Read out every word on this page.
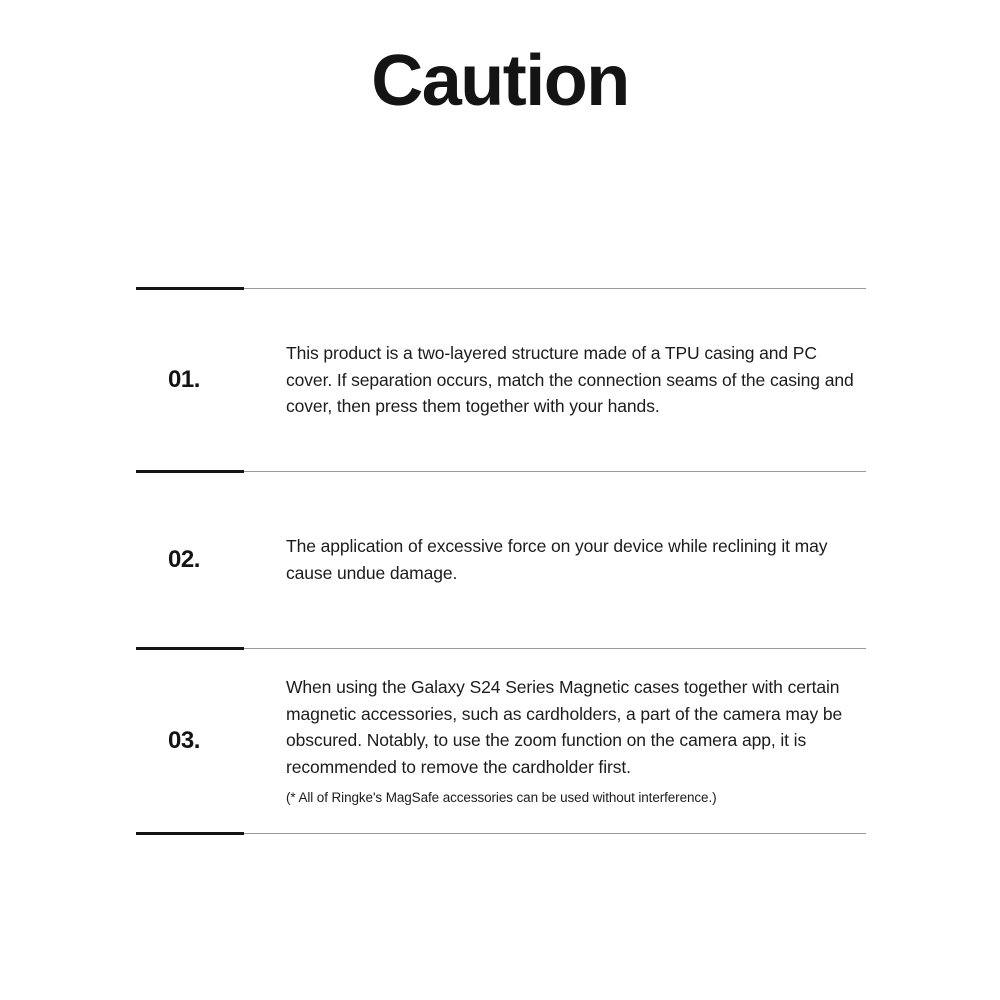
Caution
01.
This product is a two-layered structure made of a TPU casing and PC cover. If separation occurs, match the connection seams of the casing and cover, then press them together with your hands.
02.	The application of excessive force on your device while reclining it may cause undue damage.
03.
When using the Galaxy S24 Series Magnetic cases together with certain magnetic accessories, such as cardholders, a part of the camera may be obscured. Notably, to use the zoom function on the camera app, it is recommended to remove the cardholder first.
(* All of Ringke's MagSafe accessories can be used without interference.)
